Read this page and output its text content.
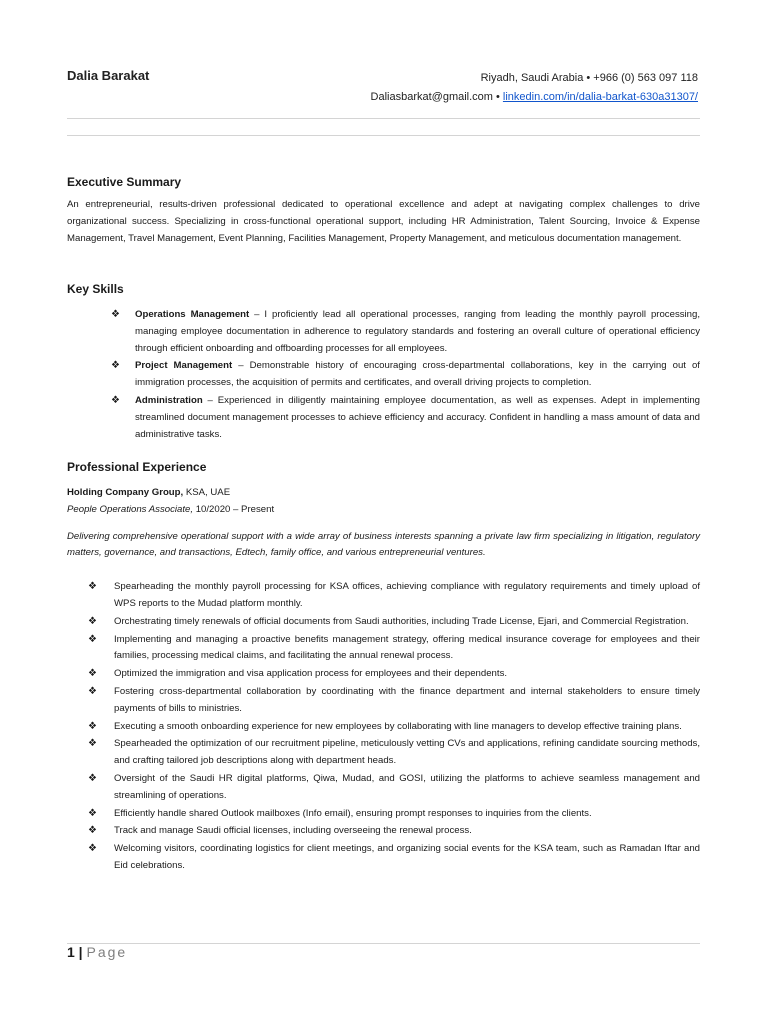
Dalia Barakat	Riyadh, Saudi Arabia • +966 (0) 563 097 118
Daliasbarkat@gmail.com • linkedin.com/in/dalia-barkat-630a31307/
Executive Summary

An entrepreneurial, results-driven professional dedicated to operational excellence and adept at navigating complex challenges to drive organizational success. Specializing in cross-functional operational support, including HR Administration, Talent Sourcing, Invoice & Expense Management, Travel Management, Event Planning, Facilities Management, Property Management, and meticulous documentation management.

Key Skills
❖ Operations Management – I proficiently lead all operational processes, ranging from leading the monthly payroll processing, managing employee documentation in adherence to regulatory standards and fostering an overall culture of operational efficiency through efficient onboarding and offboarding processes for all employees.
❖ Project Management – Demonstrable history of encouraging cross-departmental collaborations, key in the carrying out of immigration processes, the acquisition of permits and certificates, and overall driving projects to completion.
❖ Administration – Experienced in diligently maintaining employee documentation, as well as expenses. Adept in implementing streamlined document management processes to achieve efficiency and accuracy. Confident in handling a mass amount of data and administrative tasks.
Professional Experience
Holding Company Group, KSA, UAE
People Operations Associate, 10/2020 – Present

Delivering comprehensive operational support with a wide array of business interests spanning a private law firm specializing in litigation, regulatory matters, governance, and transactions, Edtech, family office, and various entrepreneurial ventures.

❖ Spearheading the monthly payroll processing for KSA offices, achieving compliance with regulatory requirements and timely upload of WPS reports to the Mudad platform monthly.
❖ Orchestrating timely renewals of official documents from Saudi authorities, including Trade License, Ejari, and Commercial Registration.
❖ Implementing and managing a proactive benefits management strategy, offering medical insurance coverage for employees and their families, processing medical claims, and facilitating the annual renewal process.
❖ Optimized the immigration and visa application process for employees and their dependents.
❖ Fostering cross-departmental collaboration by coordinating with the finance department and internal stakeholders to ensure timely payments of bills to ministries.
❖ Executing a smooth onboarding experience for new employees by collaborating with line managers to develop effective training plans.
❖ Spearheaded the optimization of our recruitment pipeline, meticulously vetting CVs and applications, refining candidate sourcing methods, and crafting tailored job descriptions along with department heads.
❖ Oversight of the Saudi HR digital platforms, Qiwa, Mudad, and GOSI, utilizing the platforms to achieve seamless management and streamlining of operations.
❖ Efficiently handle shared Outlook mailboxes (Info email), ensuring prompt responses to inquiries from the clients.
❖ Track and manage Saudi official licenses, including overseeing the renewal process.
❖ Welcoming visitors, coordinating logistics for client meetings, and organizing social events for the KSA team, such as Ramadan Iftar and Eid celebrations.
1 | Page
